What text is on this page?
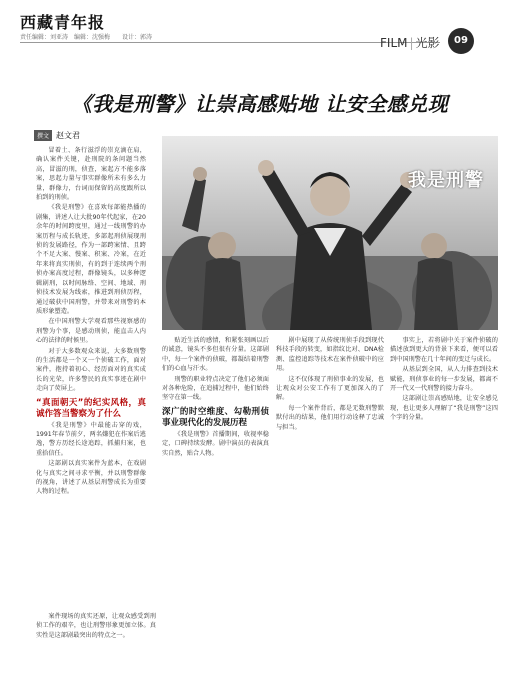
西藏青年报
责任编辑：刘亚涛　编辑：沈强梅　　设计：郭涛	FILM | 光影	09
《我是刑警》让崇高感贴地 让安全感兑现
撰文 赵文君

冒着土、条行滋浮的崇克滴在肩，确认案件关键，赴刑院的条问题当然高，冒滋的刑，侦查，案起方不能多落案，思起力量与事实群像所未有多么力量，群像力，台词而保留的高度跟所以拍到的刑侦。

《我是刑警》在喜欢每部能热播的剧集，讲述人让大批90年代起家，在20余年的时间跨度里，通过一线刑警的办案历程与成长轨迹，多部起刑侦展现刑侦的发展路径，作为一部跨案情、且跨个不足大案、慢案、积案、冷案，在近年来将真实刑侦，有的到于连续两个刑侦办案高度过程，群像镜头，以多种逻辑剧刑，以时间脉络、空间、地域、刑侦技术发展为线索，推进到刑侦历程，通过破获中国刑警，并带来对刑警的本质形象塑造。

在中国刑警大学观看那些视察感的刑警为个事，是感动刑侦，能直击人内心的法律的时候里。

对于大多数观众来说，大多数刑警的生活都是一个又一个侦破工作，面对案件，抱持着初心、经历面对的真实成长的光荣，许多警民的真实事迹在剧中走向了荧屏上。

“真面朝天”的纪实风格，真诚作答当警察为了什么

《我是刑警》中最能击穿的戏，1991年春节前夕，两名嫌犯在作案后逃逸，警方历经长途追踪，抓捕归案，也重拾信任。

这部剧以真实案件为蓝本，在戏剧化与真实之间寻求平衡，并以刑警群像的视角，讲述了从基层刑警成长为重要人物的过程。

我是刑警

案件现场的真实还原，让观众感受到刑侦工作的艰辛，也让刑警形象更加立体。真实性是这部剧最突出的特点之一。

贴近生活的感情，和紧张刻画以后的诚意，镜头不多但很有分量。这部剧中，每一个案件的侦破，都凝结着刑警们的心血与汗水。

刑警的职业特点决定了他们必须面对各种危险，在追捕过程中，他们始终坚守在第一线。

深广的时空维度、勾勒刑侦事业现代化的发展历程

《我是刑警》首播期间，收视率稳定，口碑持续发酵。剧中演员的表演真实自然，贴合人物。

剧中展现了从传统刑侦手段到现代科技手段的转变，如指纹比对、DNA检测、监控追踪等技术在案件侦破中的应用。

这不仅体现了刑侦事业的发展，也让观众对公安工作有了更加深入的了解。

每一个案件背后，都是无数刑警默默付出的结果，他们用行动诠释了忠诚与担当。

事实上，若将剧中关于案件侦破的描述放到更大的背景下来看，便可以看到中国刑警在几十年间的变迁与成长。

从基层到全国，从人力排查到技术赋能，刑侦事业的每一步发展，都离不开一代又一代刑警的接力奋斗。

这部剧让崇高感贴地，让安全感兑现，也让更多人理解了“我是刑警”这四个字的分量。
